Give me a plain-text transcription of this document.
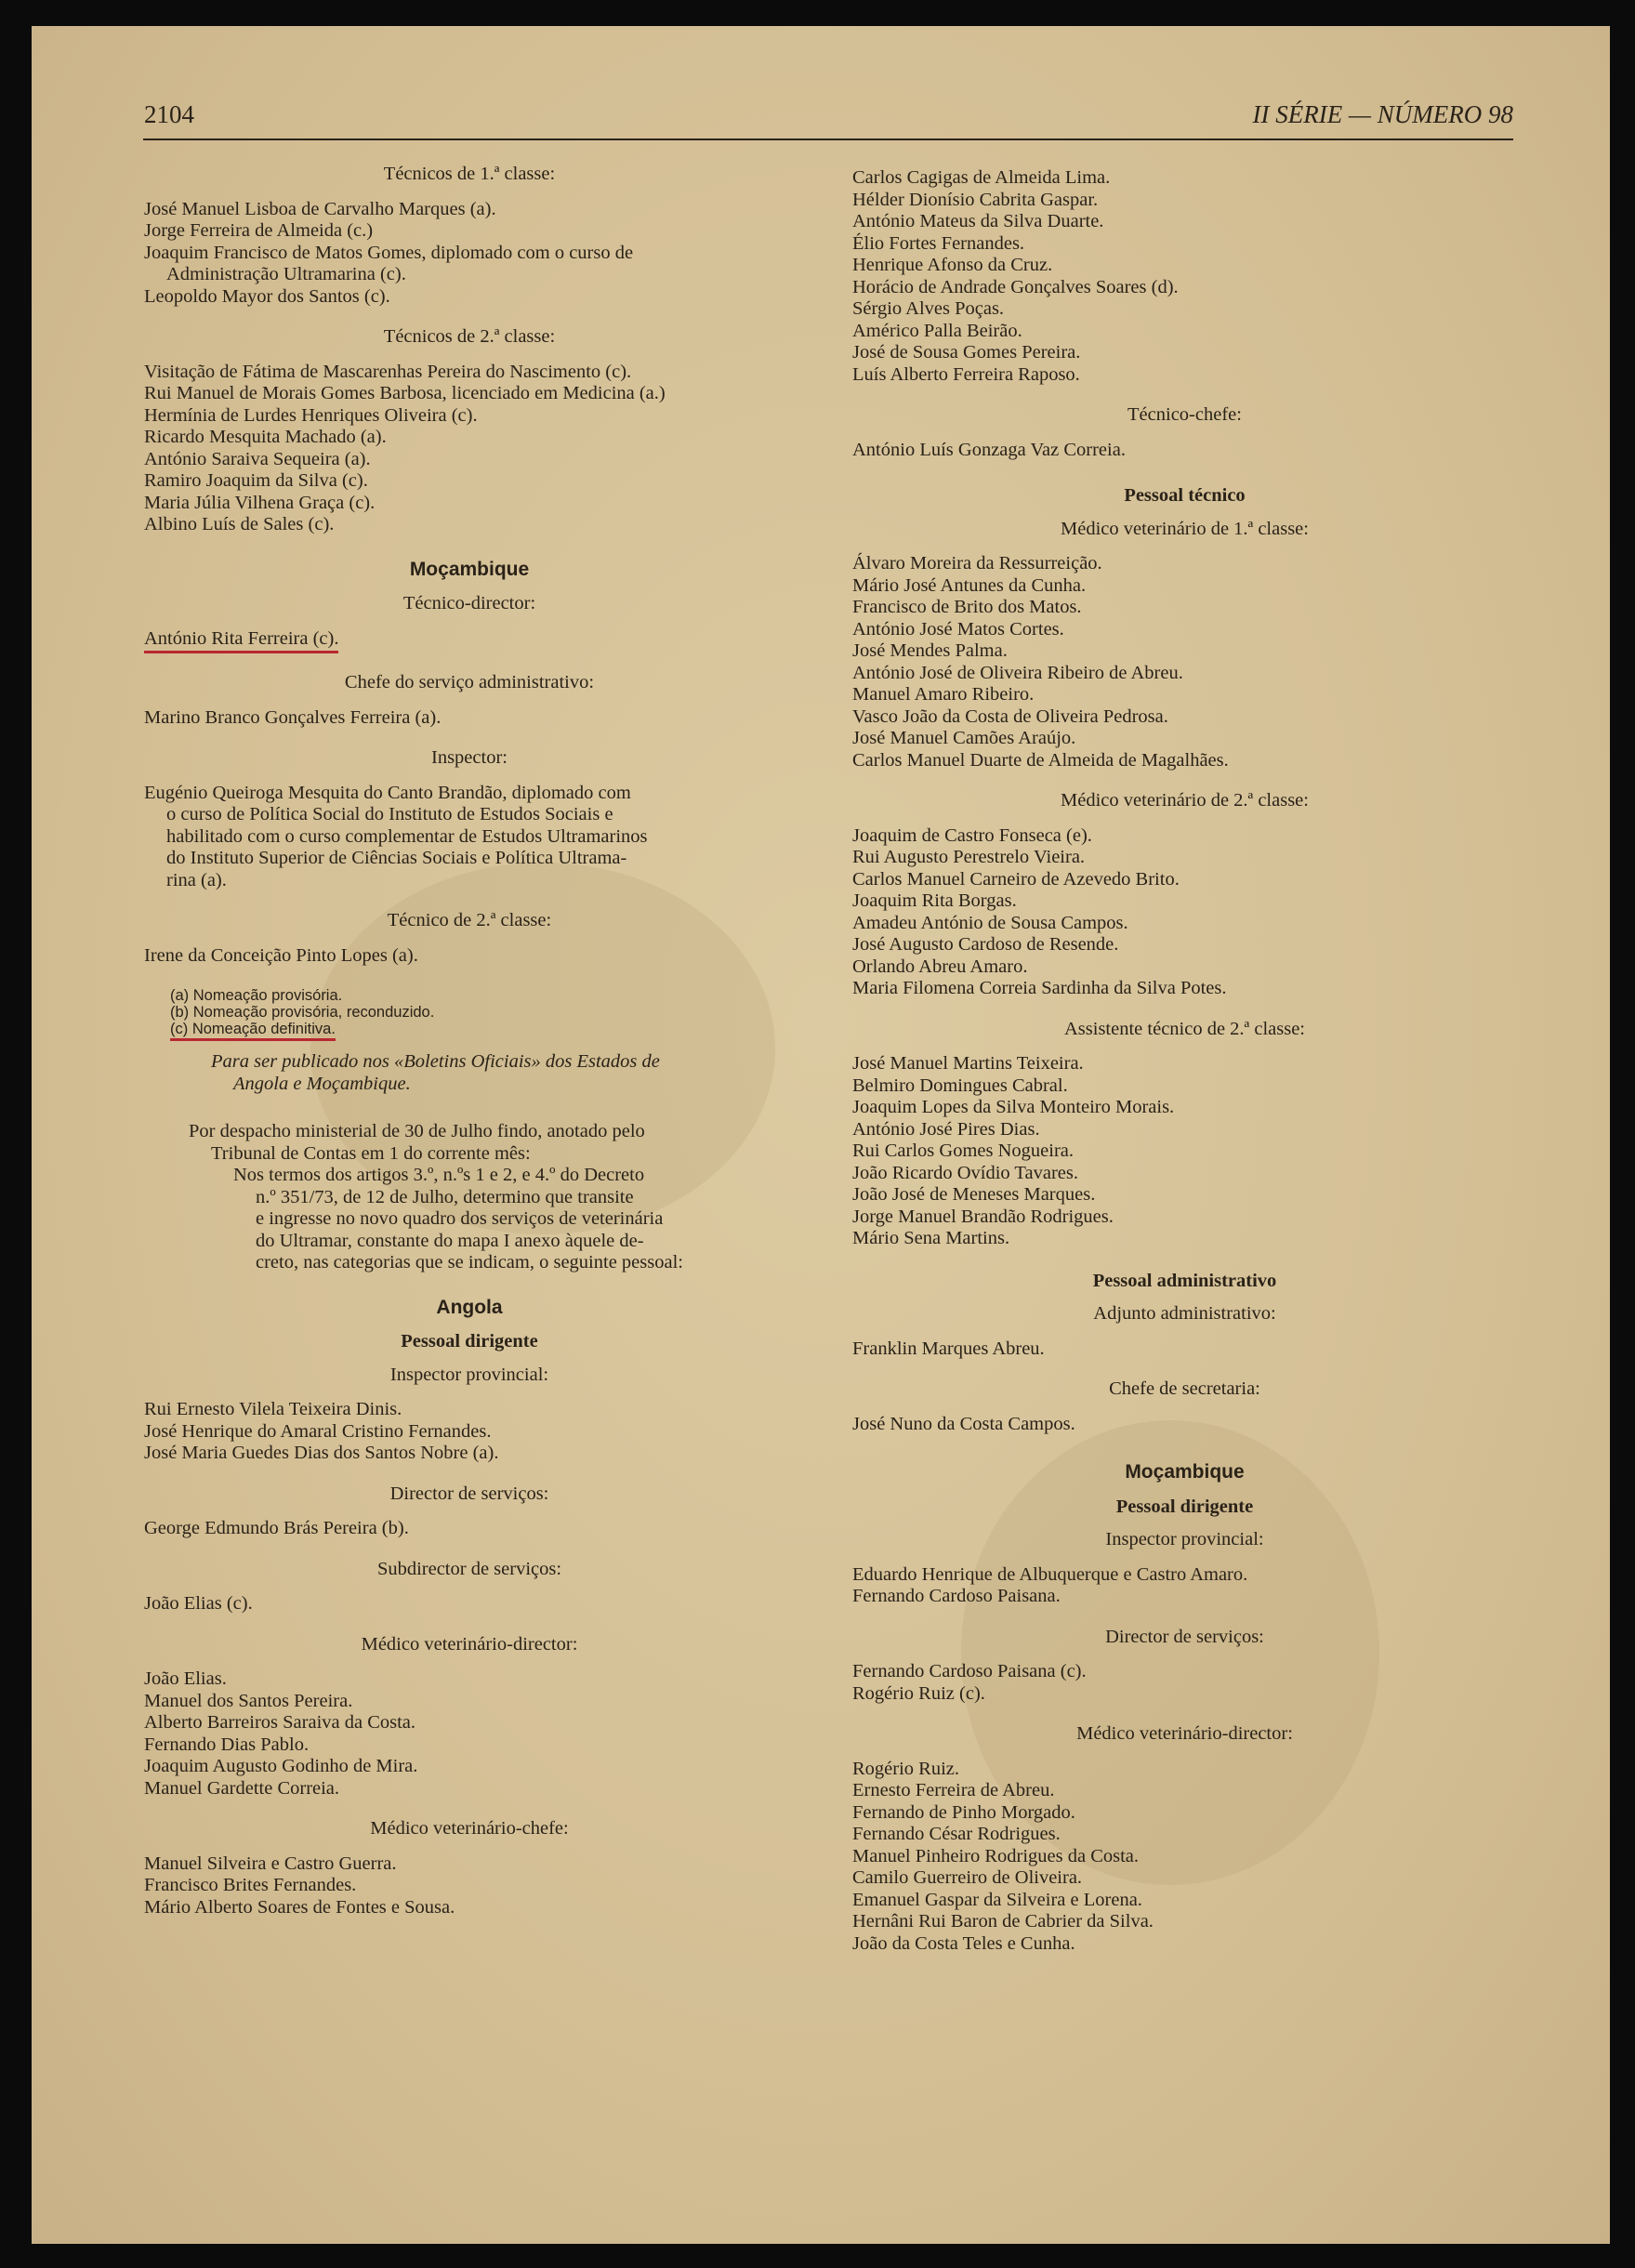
2104	II SÉRIE — NÚMERO 98
Técnicos de 1.ª classe:
José Manuel Lisboa de Carvalho Marques (a).
Jorge Ferreira de Almeida (c.)
Joaquim Francisco de Matos Gomes, diplomado com o curso de
Administração Ultramarina (c).
Leopoldo Mayor dos Santos (c).
Técnicos de 2.ª classe:
Visitação de Fátima de Mascarenhas Pereira do Nascimento (c).
Rui Manuel de Morais Gomes Barbosa, licenciado em Medicina (a.)
Hermínia de Lurdes Henriques Oliveira (c).
Ricardo Mesquita Machado (a).
António Saraiva Sequeira (a).
Ramiro Joaquim da Silva (c).
Maria Júlia Vilhena Graça (c).
Albino Luís de Sales (c).
Moçambique
Técnico-director:
António Rita Ferreira (c).
Chefe do serviço administrativo:
Marino Branco Gonçalves Ferreira (a).
Inspector:
Eugénio Queiroga Mesquita do Canto Brandão, diplomado com
o curso de Política Social do Instituto de Estudos Sociais e
habilitado com o curso complementar de Estudos Ultramarinos
do Instituto Superior de Ciências Sociais e Política Ultrama-
rina (a).
Técnico de 2.ª classe:
Irene da Conceição Pinto Lopes (a).
(a) Nomeação provisória.
(b) Nomeação provisória, reconduzido.
(c) Nomeação definitiva.
Para ser publicado nos «Boletins Oficiais» dos Estados de
Angola e Moçambique.
Por despacho ministerial de 30 de Julho findo, anotado pelo
Tribunal de Contas em 1 do corrente mês:
Nos termos dos artigos 3.º, n.ºs 1 e 2, e 4.º do Decreto
n.º 351/73, de 12 de Julho, determino que transite
e ingresse no novo quadro dos serviços de veterinária
do Ultramar, constante do mapa I anexo àquele de-
creto, nas categorias que se indicam, o seguinte pessoal:
Angola
Pessoal dirigente
Inspector provincial:
Rui Ernesto Vilela Teixeira Dinis.
José Henrique do Amaral Cristino Fernandes.
José Maria Guedes Dias dos Santos Nobre (a).
Director de serviços:
George Edmundo Brás Pereira (b).
Subdirector de serviços:
João Elias (c).
Médico veterinário-director:
João Elias.
Manuel dos Santos Pereira.
Alberto Barreiros Saraiva da Costa.
Fernando Dias Pablo.
Joaquim Augusto Godinho de Mira.
Manuel Gardette Correia.
Médico veterinário-chefe:
Manuel Silveira e Castro Guerra.
Francisco Brites Fernandes.
Mário Alberto Soares de Fontes e Sousa.
Carlos Cagigas de Almeida Lima.
Hélder Dionísio Cabrita Gaspar.
António Mateus da Silva Duarte.
Élio Fortes Fernandes.
Henrique Afonso da Cruz.
Horácio de Andrade Gonçalves Soares (d).
Sérgio Alves Poças.
Américo Palla Beirão.
José de Sousa Gomes Pereira.
Luís Alberto Ferreira Raposo.
Técnico-chefe:
António Luís Gonzaga Vaz Correia.
Pessoal técnico
Médico veterinário de 1.ª classe:
Álvaro Moreira da Ressurreição.
Mário José Antunes da Cunha.
Francisco de Brito dos Matos.
António José Matos Cortes.
José Mendes Palma.
António José de Oliveira Ribeiro de Abreu.
Manuel Amaro Ribeiro.
Vasco João da Costa de Oliveira Pedrosa.
José Manuel Camões Araújo.
Carlos Manuel Duarte de Almeida de Magalhães.
Médico veterinário de 2.ª classe:
Joaquim de Castro Fonseca (e).
Rui Augusto Perestrelo Vieira.
Carlos Manuel Carneiro de Azevedo Brito.
Joaquim Rita Borgas.
Amadeu António de Sousa Campos.
José Augusto Cardoso de Resende.
Orlando Abreu Amaro.
Maria Filomena Correia Sardinha da Silva Potes.
Assistente técnico de 2.ª classe:
José Manuel Martins Teixeira.
Belmiro Domingues Cabral.
Joaquim Lopes da Silva Monteiro Morais.
António José Pires Dias.
Rui Carlos Gomes Nogueira.
João Ricardo Ovídio Tavares.
João José de Meneses Marques.
Jorge Manuel Brandão Rodrigues.
Mário Sena Martins.
Pessoal administrativo
Adjunto administrativo:
Franklin Marques Abreu.
Chefe de secretaria:
José Nuno da Costa Campos.
Moçambique
Pessoal dirigente
Inspector provincial:
Eduardo Henrique de Albuquerque e Castro Amaro.
Fernando Cardoso Paisana.
Director de serviços:
Fernando Cardoso Paisana (c).
Rogério Ruiz (c).
Médico veterinário-director:
Rogério Ruiz.
Ernesto Ferreira de Abreu.
Fernando de Pinho Morgado.
Fernando César Rodrigues.
Manuel Pinheiro Rodrigues da Costa.
Camilo Guerreiro de Oliveira.
Emanuel Gaspar da Silveira e Lorena.
Hernâni Rui Baron de Cabrier da Silva.
João da Costa Teles e Cunha.
